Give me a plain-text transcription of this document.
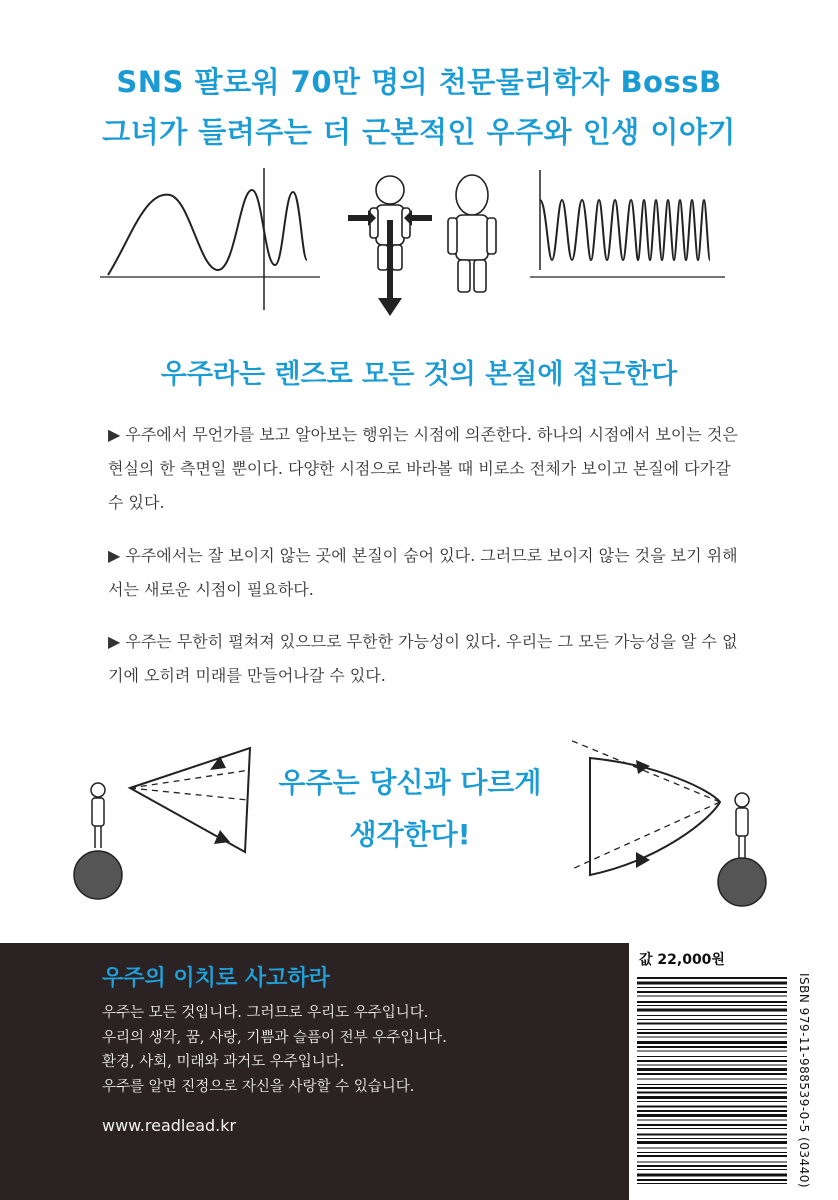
SNS 팔로워 70만 명의 천문물리학자 BossB
그녀가 들려주는 더 근본적인 우주와 인생 이야기
우주라는 렌즈로 모든 것의 본질에 접근한다

▶ 우주에서 무언가를 보고 알아보는 행위는 시점에 의존한다. 하나의 시점에서 보이는 것은 현실의 한 측면일 뿐이다. 다양한 시점으로 바라볼 때 비로소 전체가 보이고 본질에 다가갈 수 있다.

▶ 우주에서는 잘 보이지 않는 곳에 본질이 숨어 있다. 그러므로 보이지 않는 것을 보기 위해서는 새로운 시점이 필요하다.

▶ 우주는 무한히 펼쳐져 있으므로 무한한 가능성이 있다. 우리는 그 모든 가능성을 알 수 없기에 오히려 미래를 만들어나갈 수 있다.

우주는 당신과 다르게
생각한다!
우주의 이치로 사고하라
우주는 모든 것입니다. 그러므로 우리도 우주입니다.
우리의 생각, 꿈, 사랑, 기쁨과 슬픔이 전부 우주입니다.
환경, 사회, 미래와 과거도 우주입니다.
우주를 알면 진정으로 자신을 사랑할 수 있습니다.
www.readlead.kr
값 22,000원
ISBN 979-11-988539-0-5 (03440)
